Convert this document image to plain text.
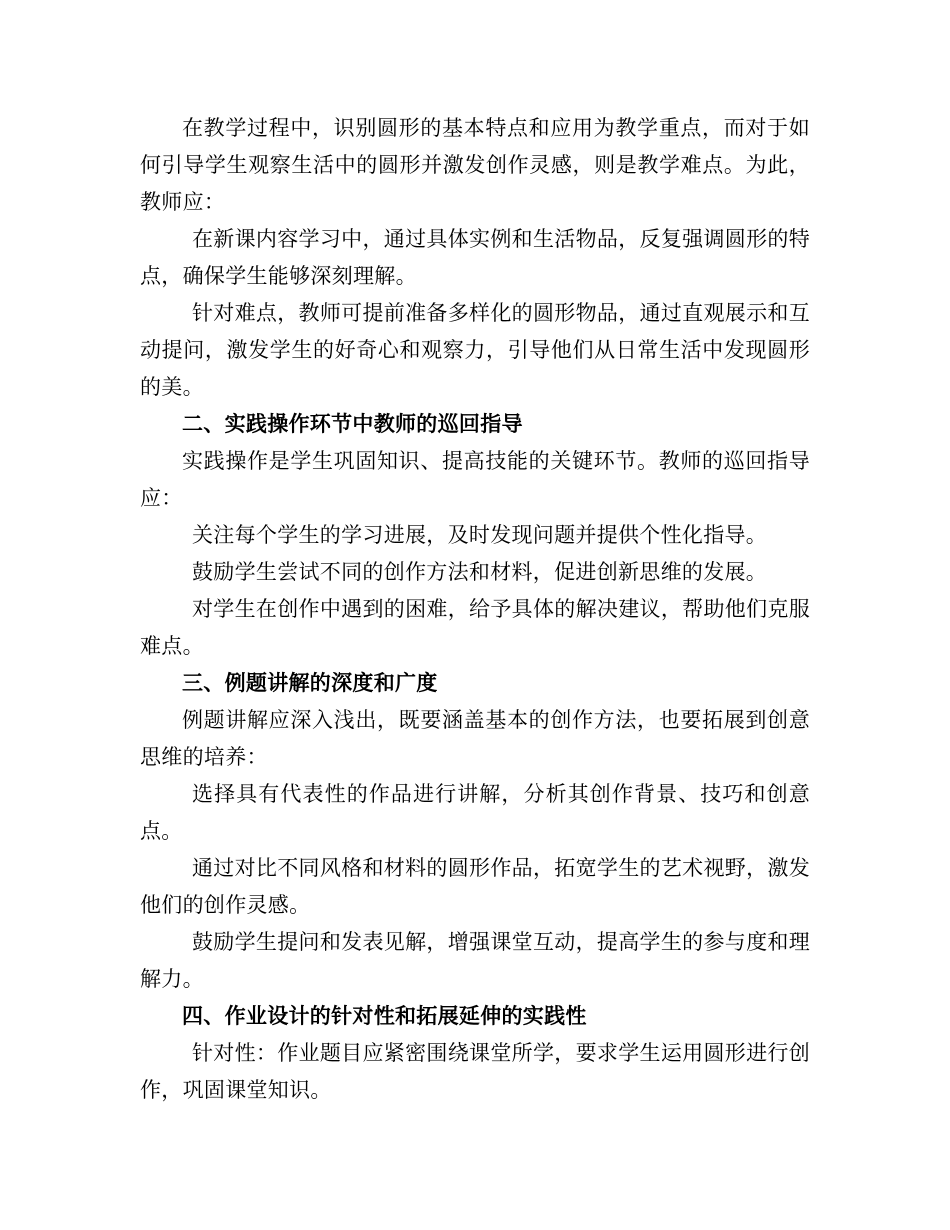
在教学过程中，识别圆形的基本特点和应用为教学重点，而对于如何引导学生观察生活中的圆形并激发创作灵感，则是教学难点。为此，教师应：

在新课内容学习中，通过具体实例和生活物品，反复强调圆形的特点，确保学生能够深刻理解。

针对难点，教师可提前准备多样化的圆形物品，通过直观展示和互动提问，激发学生的好奇心和观察力，引导他们从日常生活中发现圆形的美。

二、实践操作环节中教师的巡回指导

实践操作是学生巩固知识、提高技能的关键环节。教师的巡回指导应：

关注每个学生的学习进展，及时发现问题并提供个性化指导。

鼓励学生尝试不同的创作方法和材料，促进创新思维的发展。

对学生在创作中遇到的困难，给予具体的解决建议，帮助他们克服难点。

三、例题讲解的深度和广度

例题讲解应深入浅出，既要涵盖基本的创作方法，也要拓展到创意思维的培养：

选择具有代表性的作品进行讲解，分析其创作背景、技巧和创意点。

通过对比不同风格和材料的圆形作品，拓宽学生的艺术视野，激发他们的创作灵感。

鼓励学生提问和发表见解，增强课堂互动，提高学生的参与度和理解力。

四、作业设计的针对性和拓展延伸的实践性

针对性：作业题目应紧密围绕课堂所学，要求学生运用圆形进行创作，巩固课堂知识。
